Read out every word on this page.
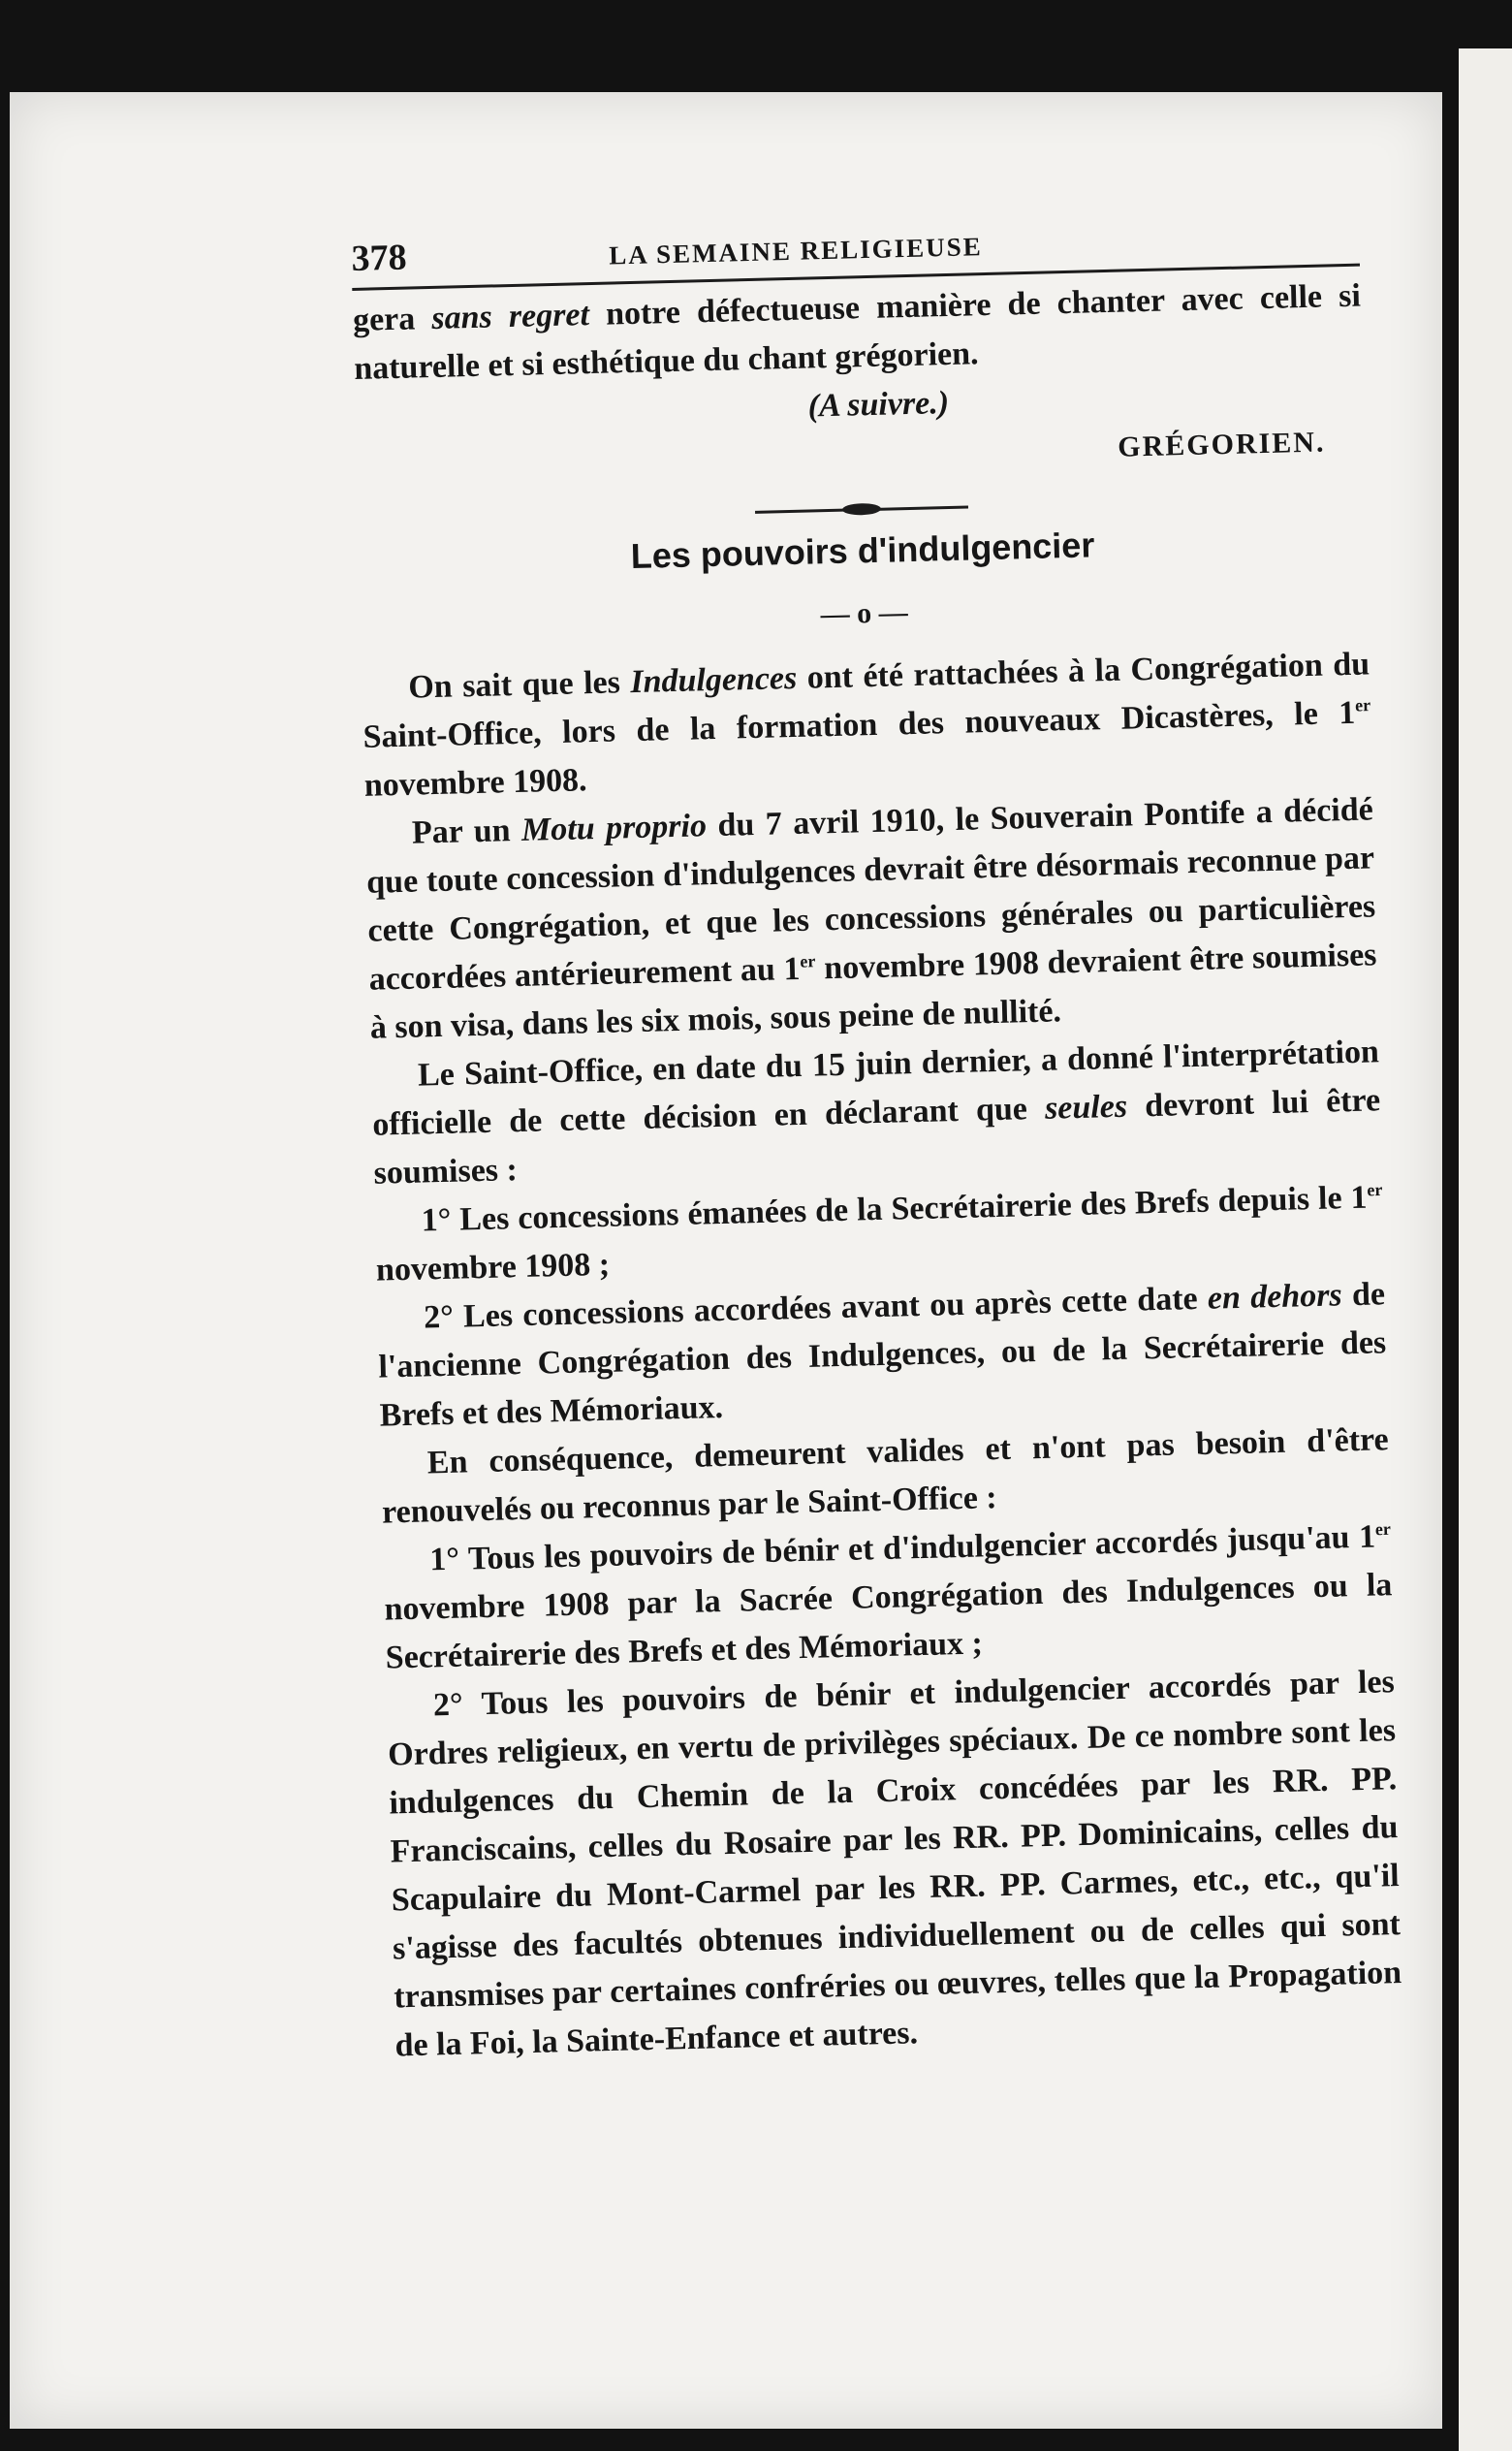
378	LA SEMAINE RELIGIEUSE

gera sans regret notre défectueuse manière de chanter avec celle si naturelle et si esthétique du chant grégorien.

(A suivre.)
GRÉGORIEN.
Les pouvoirs d'indulgencier
— o —

On sait que les Indulgences ont été rattachées à la Congrégation du Saint-Office, lors de la formation des nouveaux Dicastères, le 1er novembre 1908.

Par un Motu proprio du 7 avril 1910, le Souverain Pontife a décidé que toute concession d'indulgences devrait être désormais reconnue par cette Congrégation, et que les concessions générales ou particulières accordées antérieurement au 1er novembre 1908 devraient être soumises à son visa, dans les six mois, sous peine de nullité.

Le Saint-Office, en date du 15 juin dernier, a donné l'interprétation officielle de cette décision en déclarant que seules devront lui être soumises :

1° Les concessions émanées de la Secrétairerie des Brefs depuis le 1er novembre 1908 ;

2° Les concessions accordées avant ou après cette date en dehors de l'ancienne Congrégation des Indulgences, ou de la Secrétairerie des Brefs et des Mémoriaux.

En conséquence, demeurent valides et n'ont pas besoin d'être renouvelés ou reconnus par le Saint-Office :

1° Tous les pouvoirs de bénir et d'indulgencier accordés jusqu'au 1er novembre 1908 par la Sacrée Congrégation des Indulgences ou la Secrétairerie des Brefs et des Mémoriaux ;

2° Tous les pouvoirs de bénir et indulgencier accordés par les Ordres religieux, en vertu de privilèges spéciaux. De ce nombre sont les indulgences du Chemin de la Croix concédées par les RR. PP. Franciscains, celles du Rosaire par les RR. PP. Dominicains, celles du Scapulaire du Mont-Carmel par les RR. PP. Carmes, etc., etc., qu'il s'agisse des facultés obtenues individuellement ou de celles qui sont transmises par certaines confréries ou œuvres, telles que la Propagation de la Foi, la Sainte-Enfance et autres.
